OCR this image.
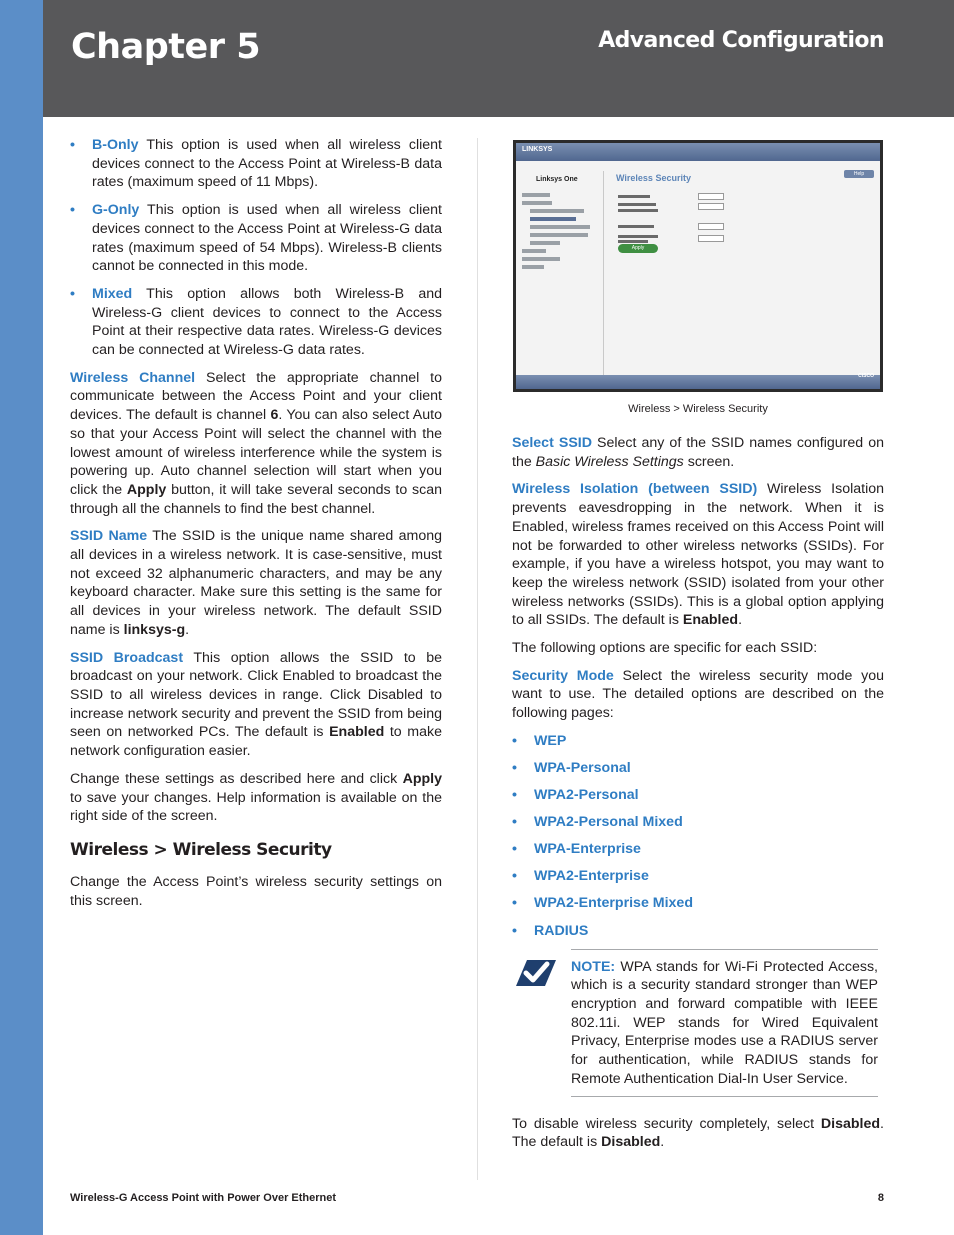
Chapter 5	Advanced Configuration
• B-Only This option is used when all wireless client devices connect to the Access Point at Wireless-B data rates (maximum speed of 11 Mbps).
• G-Only This option is used when all wireless client devices connect to the Access Point at Wireless-G data rates (maximum speed of 54 Mbps). Wireless-B clients cannot be connected in this mode.
• Mixed This option allows both Wireless-B and Wireless-G client devices to connect to the Access Point at their respective data rates. Wireless-G devices can be connected at Wireless-G data rates.

Wireless Channel Select the appropriate channel to communicate between the Access Point and your client devices. The default is channel 6. You can also select Auto so that your Access Point will select the channel with the lowest amount of wireless interference while the system is powering up. Auto channel selection will start when you click the Apply button, it will take several seconds to scan through all the channels to find the best channel.

SSID Name The SSID is the unique name shared among all devices in a wireless network. It is case-sensitive, must not exceed 32 alphanumeric characters, and may be any keyboard character. Make sure this setting is the same for all devices in your wireless network. The default SSID name is linksys-g.

SSID Broadcast This option allows the SSID to be broadcast on your network. Click Enabled to broadcast the SSID to all wireless devices in range. Click Disabled to increase network security and prevent the SSID from being seen on networked PCs. The default is Enabled to make network configuration easier.

Change these settings as described here and click Apply to save your changes. Help information is available on the right side of the screen.

Wireless > Wireless Security

Change the Access Point’s wireless security settings on this screen.

LINKSYS
Linksys One
Help
Wireless Security
Apply
CISCO
Wireless > Wireless Security

Select SSID Select any of the SSID names configured on the Basic Wireless Settings screen.

Wireless Isolation (between SSID) Wireless Isolation prevents eavesdropping in the network. When it is Enabled, wireless frames received on this Access Point will not be forwarded to other wireless networks (SSIDs). For example, if you have a wireless hotspot, you may want to keep the wireless network (SSID) isolated from your other wireless networks (SSIDs). This is a global option applying to all SSIDs. The default is Enabled.

The following options are specific for each SSID:

Security Mode Select the wireless security mode you want to use. The detailed options are described on the following pages:

• WEP
• WPA-Personal
• WPA2-Personal
• WPA2-Personal Mixed
• WPA-Enterprise
• WPA2-Enterprise
• WPA2-Enterprise Mixed
• RADIUS
NOTE: WPA stands for Wi-Fi Protected Access, which is a security standard stronger than WEP encryption and forward compatible with IEEE 802.11i. WEP stands for Wired Equivalent Privacy, Enterprise modes use a RADIUS server for authentication, while RADIUS stands for Remote Authentication Dial-In User Service.

To disable wireless security completely, select Disabled. The default is Disabled.

Wireless-G Access Point with Power Over Ethernet	8
